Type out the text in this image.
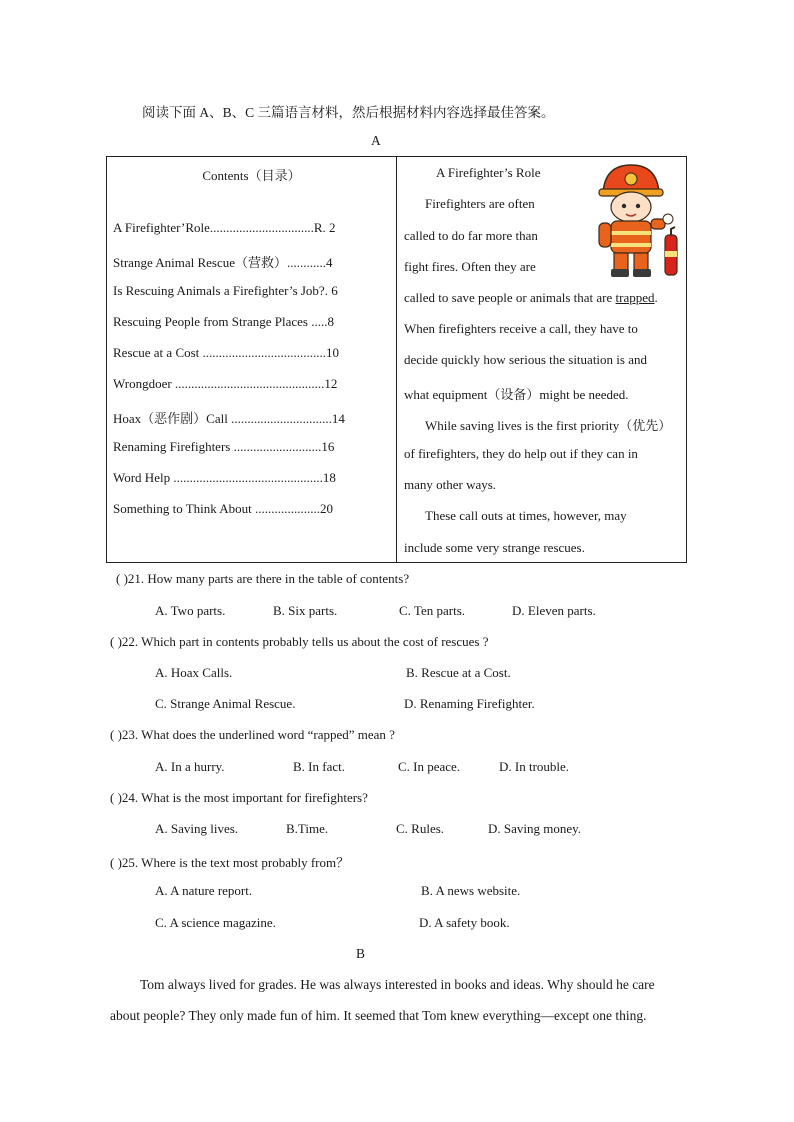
阅读下面 A、B、C 三篇语言材料，然后根据材料内容选择最佳答案。
A
Contents（目录）
A Firefighter’Role................................R. 2
Strange Animal Rescue（营救）............4
Is Rescuing Animals a Firefighter’s Job?. 6
Rescuing People from Strange Places .....8
Rescue at a Cost ......................................10
Wrongdoer ..............................................12
Hoax（恶作剧）Call ...............................14
Renaming Firefighters ...........................16
Word Help ..............................................18
Something to Think About ....................20
A Firefighter’s Role
Firefighters are often
called to do far more than
fight fires. Often they are
called to save people or animals that are trapped.
When firefighters receive a call, they have to
decide quickly how serious the situation is and
what equipment（设备）might be needed.
While saving lives is the first priority（优先）
of firefighters, they do help out if they can in
many other ways.
These call outs at times, however, may
include some very strange rescues.
( )21. How many parts are there in the table of contents?
A. Two parts.	B. Six parts.	C. Ten parts.	D. Eleven parts.
( )22. Which part in contents probably tells us about the cost of rescues ?
A. Hoax Calls.	B. Rescue at a Cost.
C. Strange Animal Rescue.	D. Renaming Firefighter.
( )23. What does the underlined word “rapped” mean ?
A. In a hurry.	B. In fact.	C. In peace.	D. In trouble.
( )24. What is the most important for firefighters?
A. Saving lives.	B.Time.	C. Rules.	D. Saving money.
( )25. Where is the text most probably from？
A. A nature report.	B. A news website.
C. A science magazine.	D. A safety book.
B
Tom always lived for grades. He was always interested in books and ideas. Why should he care
about people? They only made fun of him. It seemed that Tom knew everything—except one thing.
